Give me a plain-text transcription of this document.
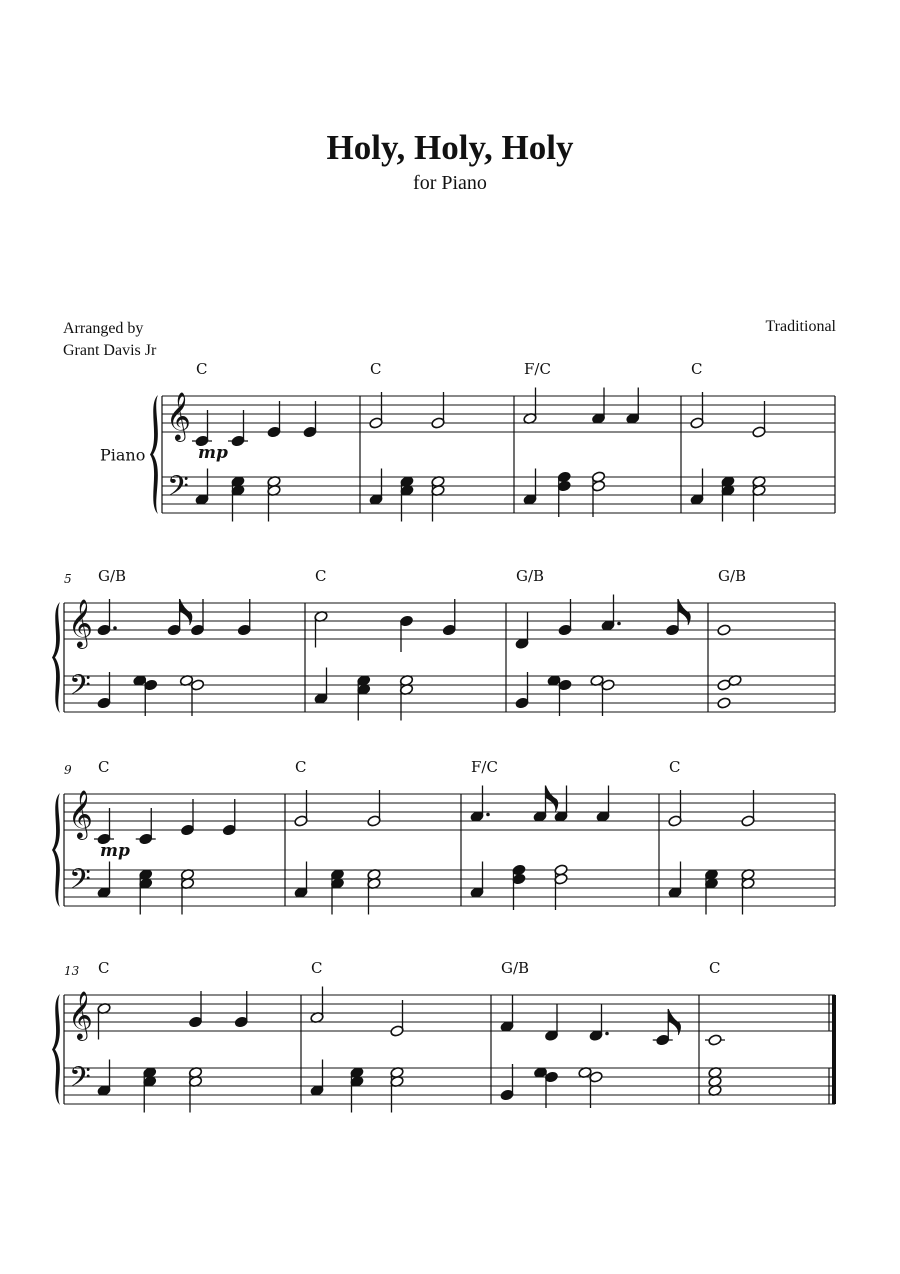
Holy, Holy, Holy
for Piano
Arranged by
Grant Davis Jr
Traditional
𝄞
𝄢
Piano
C
mp
C	F/C	C
𝄞
𝄢
5 G/B	C	G/B	G/B
𝄞
𝄢
9 C
mp
C	F/C	C
𝄞
𝄢
13 C	C	G/B	C
